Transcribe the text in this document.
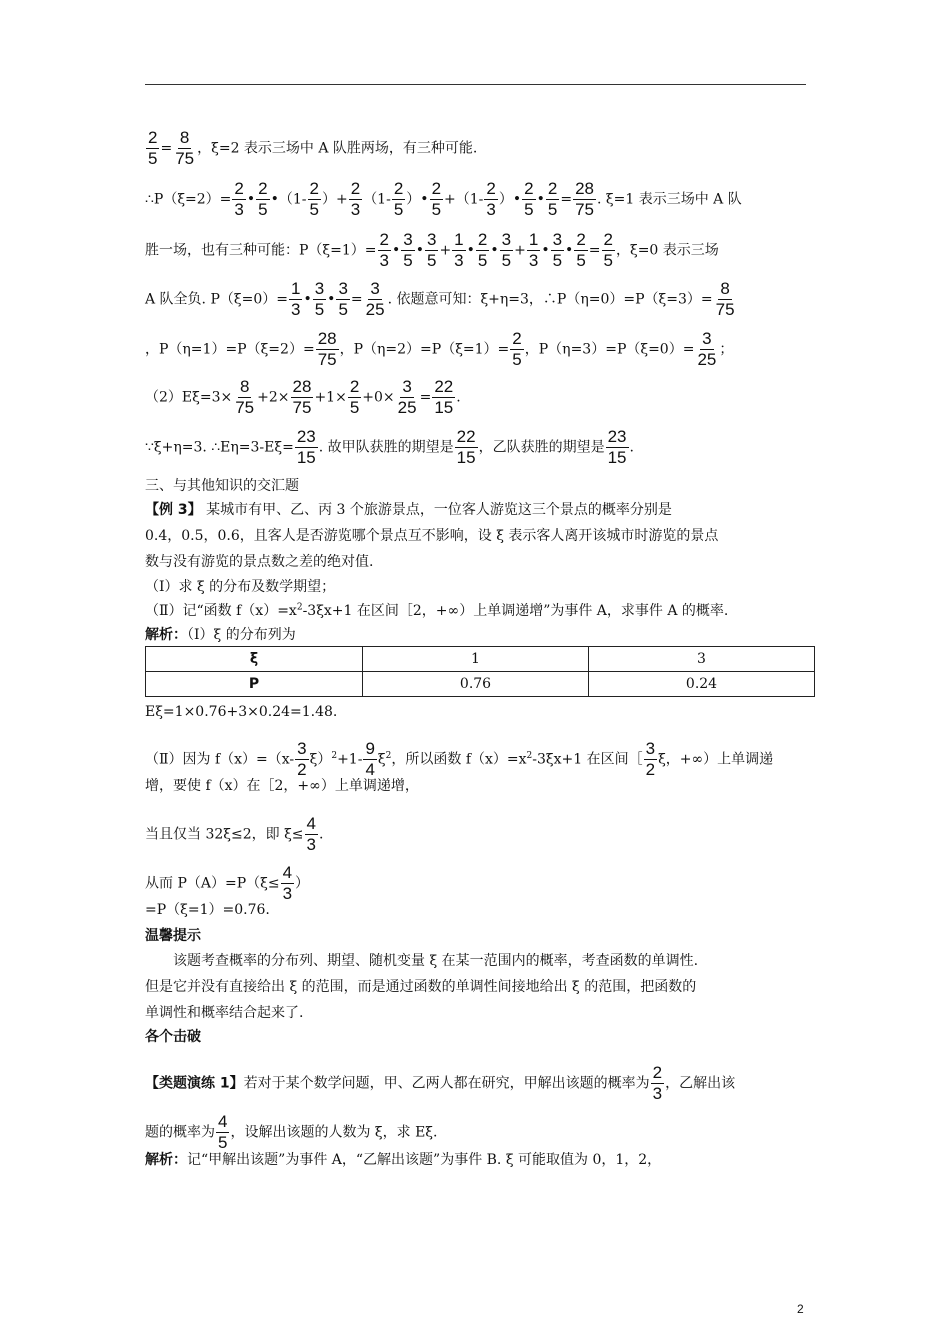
$\frac{2}{5} = \frac{8}{75}$ ，ξ=2 表示三场中 A 队胜两场，有三种可能.
∴P（ξ=2）= $\frac{2}{3}$ • $\frac{2}{5}$ •（1- $\frac{2}{5}$ ）+ $\frac{2}{3} (1- \frac{2}{5}$ ）• $\frac{2}{5} +(1- \frac{2}{3}$ ）• $\frac{2}{5}$ • $\frac{2}{5} = \frac{28}{75}$ . ξ=1 表示三场中 A 队
胜一场，也有三种可能：$P(\xi=1)= \frac{2}{3}$ • $\frac{3}{5}$ • $\frac{3}{5} + \frac{1}{3}$ • $\frac{2}{5}$ • $\frac{3}{5} + \frac{1}{3}$ • $\frac{3}{5}$ • $\frac{2}{5} = \frac{2}{5}$ ，ξ=0 表示三场
A 队全负. $P(\xi=0)= \frac{1}{3}$ • $\frac{3}{5}$ • $\frac{3}{5} = \frac{3}{25}$ . 依题意可知：ξ+η=3，∴P（η=0）=P（ξ=3）= $\frac{8}{75}$
，$P(\eta=1)=P(\xi=2)= \frac{28}{75}$ ，$P(\eta=2)=P(\xi=1)= \frac{2}{5}$ ，$P(\eta=3)=P(\xi=0)= \frac{3}{25}$ ；
$(2)E\xi=3\times \frac{8}{75} +2\times \frac{28}{75} +1\times \frac{2}{5} +0\times \frac{3}{25} = \frac{22}{15}$ .
∵ξ+η=3. ∴Eη=3-Eξ= $\frac{23}{15}$ . 故甲队获胜的期望是 $\frac{22}{15}$ ，乙队获胜的期望是 $\frac{23}{15}$ .
三、与其他知识的交汇题
【例 3】 某城市有甲、乙、丙 3 个旅游景点，一位客人游览这三个景点的概率分别是
0.4，0.5，0.6，且客人是否游览哪个景点互不影响，设 ξ 表示客人离开该城市时游览的景点
数与没有游览的景点数之差的绝对值.
（Ⅰ）求 ξ 的分布及数学期望；
（Ⅱ）记“函数 $f(x)=x^2-3\xi x+1$ 在区间［2，+∞）上单调递增”为事件 A，求事件 A 的概率.
解析：（Ⅰ）ξ 的分布列为
ξ	1	3
P	0.76	0.24
Eξ=1×0.76+3×0.24=1.48.
（Ⅱ）因为 $f(x)=(x- \frac{3}{2} \xi)^2+1- \frac{9}{4} \xi^2$，所以函数 $f(x)=x^2-3\xi x+1$ 在区间［ $\frac{3}{2}$ ξ，+∞）上单调递
增，要使 f（x）在［2，+∞）上单调递增，
当且仅当 32ξ≤2，即 $\xi\le \frac{4}{3}$ .
从而 $P(A)=P(\xi\le \frac{4}{3}$ ）
=P（ξ=1）=0.76.
温馨提示
该题考查概率的分布列、期望、随机变量 ξ 在某一范围内的概率，考查函数的单调性.
但是它并没有直接给出 ξ 的范围，而是通过函数的单调性间接地给出 ξ 的范围，把函数的
单调性和概率结合起来了.
各个击破
【类题演练 1】若对于某个数学问题，甲、乙两人都在研究，甲解出该题的概率为 $\frac{2}{3}$ ，乙解出该
题的概率为 $\frac{4}{5}$ ，设解出该题的人数为 ξ，求 Eξ.
解析：记“甲解出该题”为事件 A，“乙解出该题”为事件 B. ξ 可能取值为 0，1，2，
2
